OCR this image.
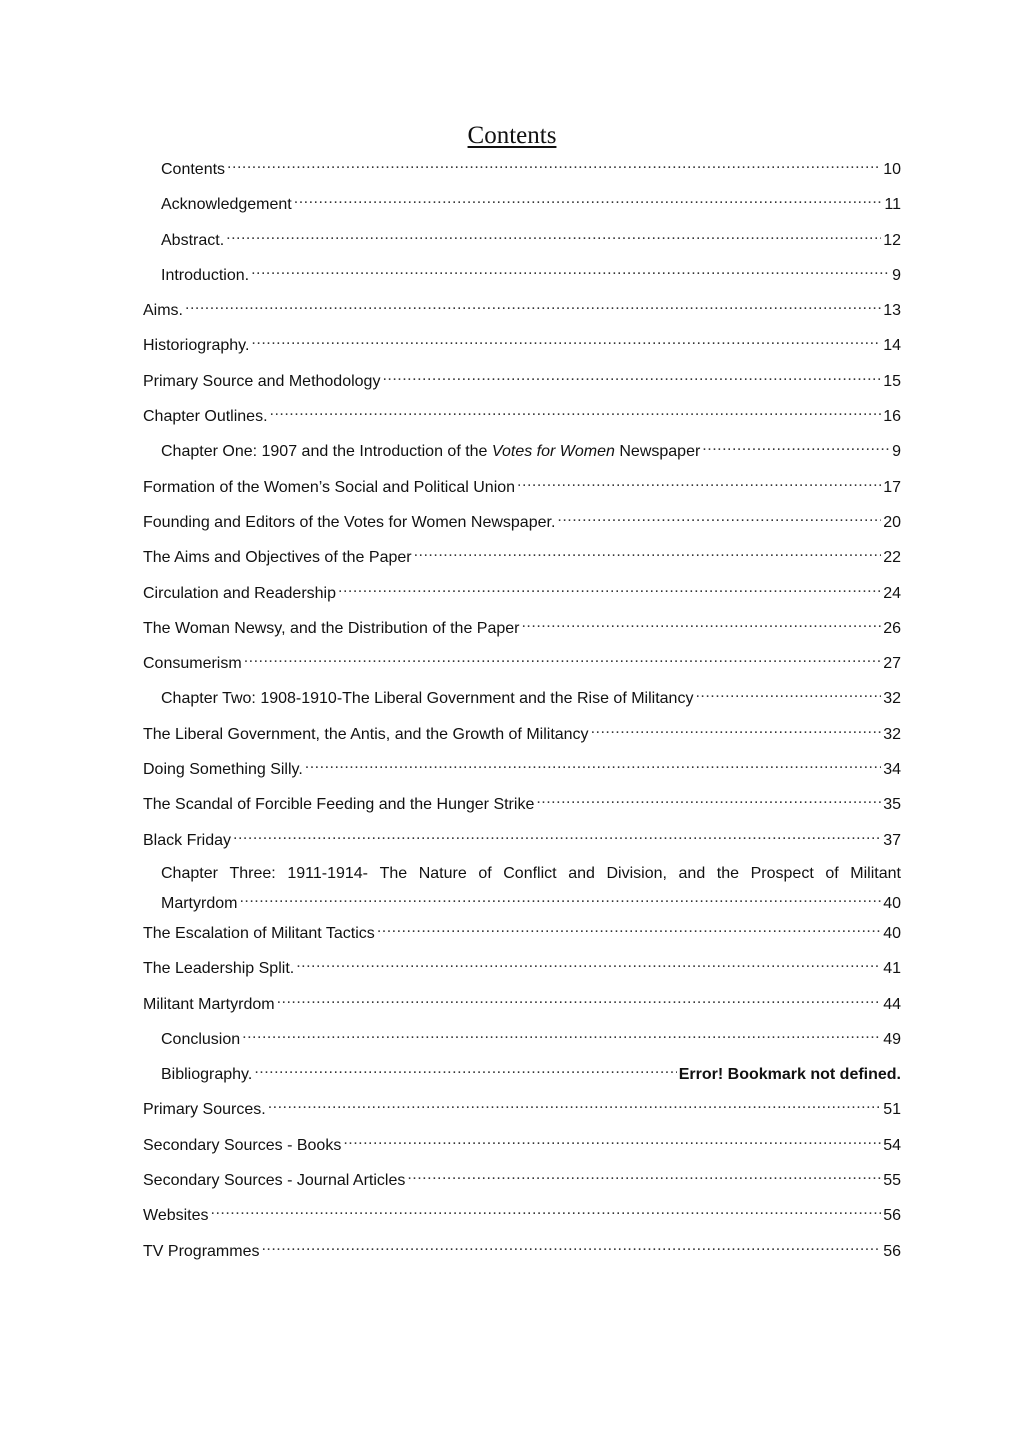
Contents
Contents .....	10
Acknowledgement .....	11
Abstract. .....	12
Introduction. .....	9
Aims. .....	13
Historiography. .....	14
Primary Source and Methodology .....	15
Chapter Outlines. .....	16
Chapter One: 1907 and the Introduction of the Votes for Women Newspaper .....	9
Formation of the Women’s Social and Political Union .....	17
Founding and Editors of the Votes for Women Newspaper. .....	20
The Aims and Objectives of the Paper .....	22
Circulation and Readership .....	24
The Woman Newsy, and the Distribution of the Paper .....	26
Consumerism .....	27
Chapter Two: 1908-1910-The Liberal Government and the Rise of Militancy .....	32
The Liberal Government, the Antis, and the Growth of Militancy .....	32
Doing Something Silly. .....	34
The Scandal of Forcible Feeding and the Hunger Strike .....	35
Black Friday .....	37
Chapter Three: 1911-1914- The Nature of Conflict and Division, and the Prospect of Militant
Martyrdom .....	40
The Escalation of Militant Tactics .....	40
The Leadership Split. .....	41
Militant Martyrdom .....	44
Conclusion .....	49
Bibliography. .....	Error! Bookmark not defined.
Primary Sources. .....	51
Secondary Sources - Books .....	54
Secondary Sources - Journal Articles .....	55
Websites .....	56
TV Programmes .....	56
